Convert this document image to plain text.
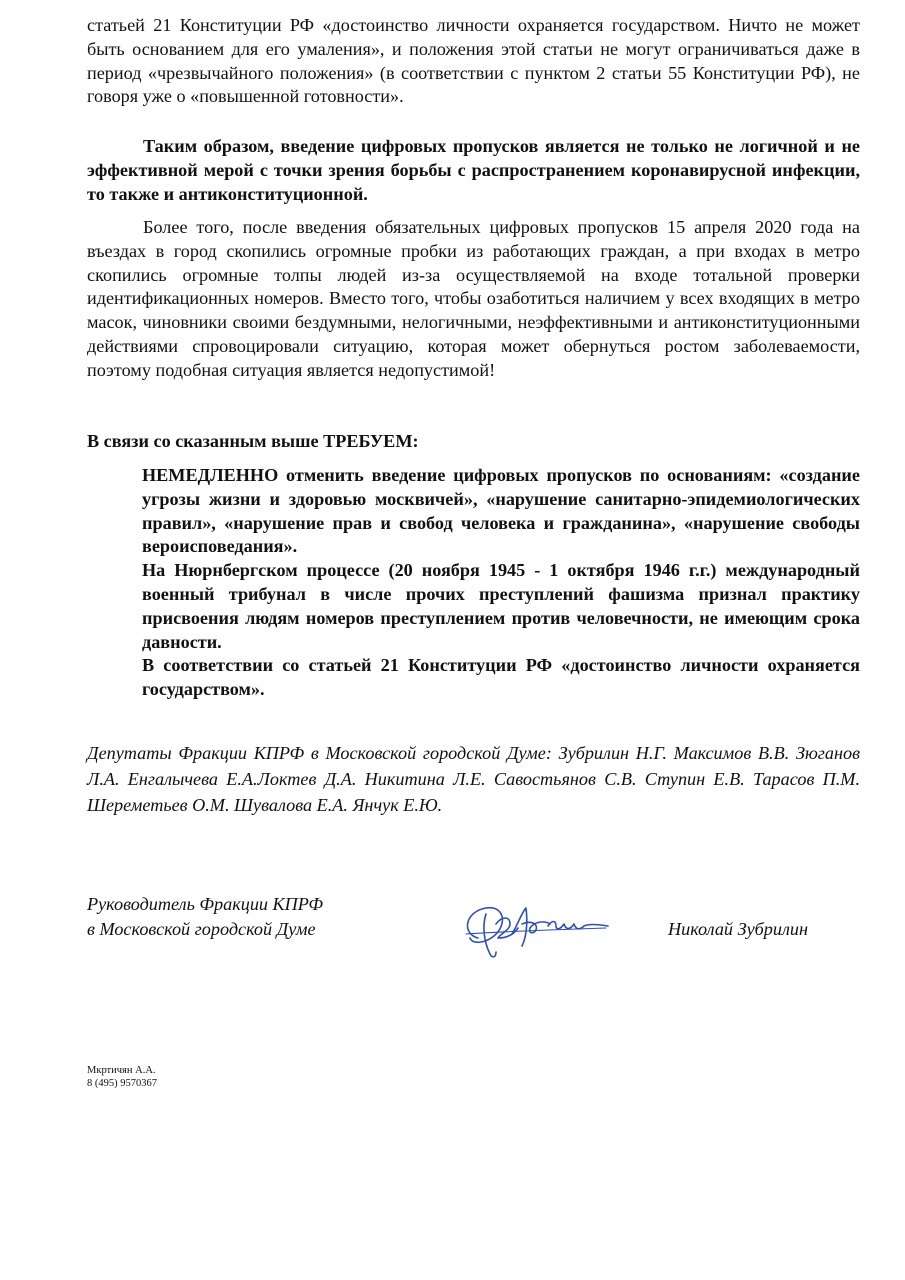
статьей 21 Конституции РФ «достоинство личности охраняется государством. Ничто не может быть основанием для его умаления», и положения этой статьи не могут ограничиваться даже в период «чрезвычайного положения» (в соответствии с пунктом 2 статьи 55 Конституции РФ), не говоря уже о «повышенной готовности».

Таким образом, введение цифровых пропусков является не только не логичной и не эффективной мерой с точки зрения борьбы с распространением коронавирусной инфекции, то также и антиконституционной.

Более того, после введения обязательных цифровых пропусков 15 апреля 2020 года на въездах в город скопились огромные пробки из работающих граждан, а при входах в метро скопились огромные толпы людей из-за осуществляемой на входе тотальной проверки идентификационных номеров. Вместо того, чтобы озаботиться наличием у всех входящих в метро масок, чиновники своими бездумными, нелогичными, неэффективными и антиконституционными действиями спровоцировали ситуацию, которая может обернуться ростом заболеваемости, поэтому подобная ситуация является недопустимой!

В связи со сказанным выше ТРЕБУЕМ:

НЕМЕДЛЕННО отменить введение цифровых пропусков по основаниям: «создание угрозы жизни и здоровью москвичей», «нарушение санитарно-эпидемиологических правил», «нарушение прав и свобод человека и гражданина», «нарушение свободы вероисповедания».

На Нюрнбергском процессе (20 ноября 1945 - 1 октября 1946 г.г.) международный военный трибунал в числе прочих преступлений фашизма признал практику присвоения людям номеров преступлением против человечности, не имеющим срока давности.

В соответствии со статьей 21 Конституции РФ «достоинство личности охраняется государством».

Депутаты Фракции КПРФ в Московской городской Думе: Зубрилин Н.Г. Максимов В.В. Зюганов Л.А. Енгалычева Е.А.Локтев Д.А. Никитина Л.Е. Савостьянов С.В. Ступин Е.В. Тарасов П.М. Шереметьев О.М. Шувалова Е.А. Янчук Е.Ю.

Руководитель Фракции КПРФ
в Московской городской Думе	Николай Зубрилин

Мкртичян А.А.
8 (495) 9570367
